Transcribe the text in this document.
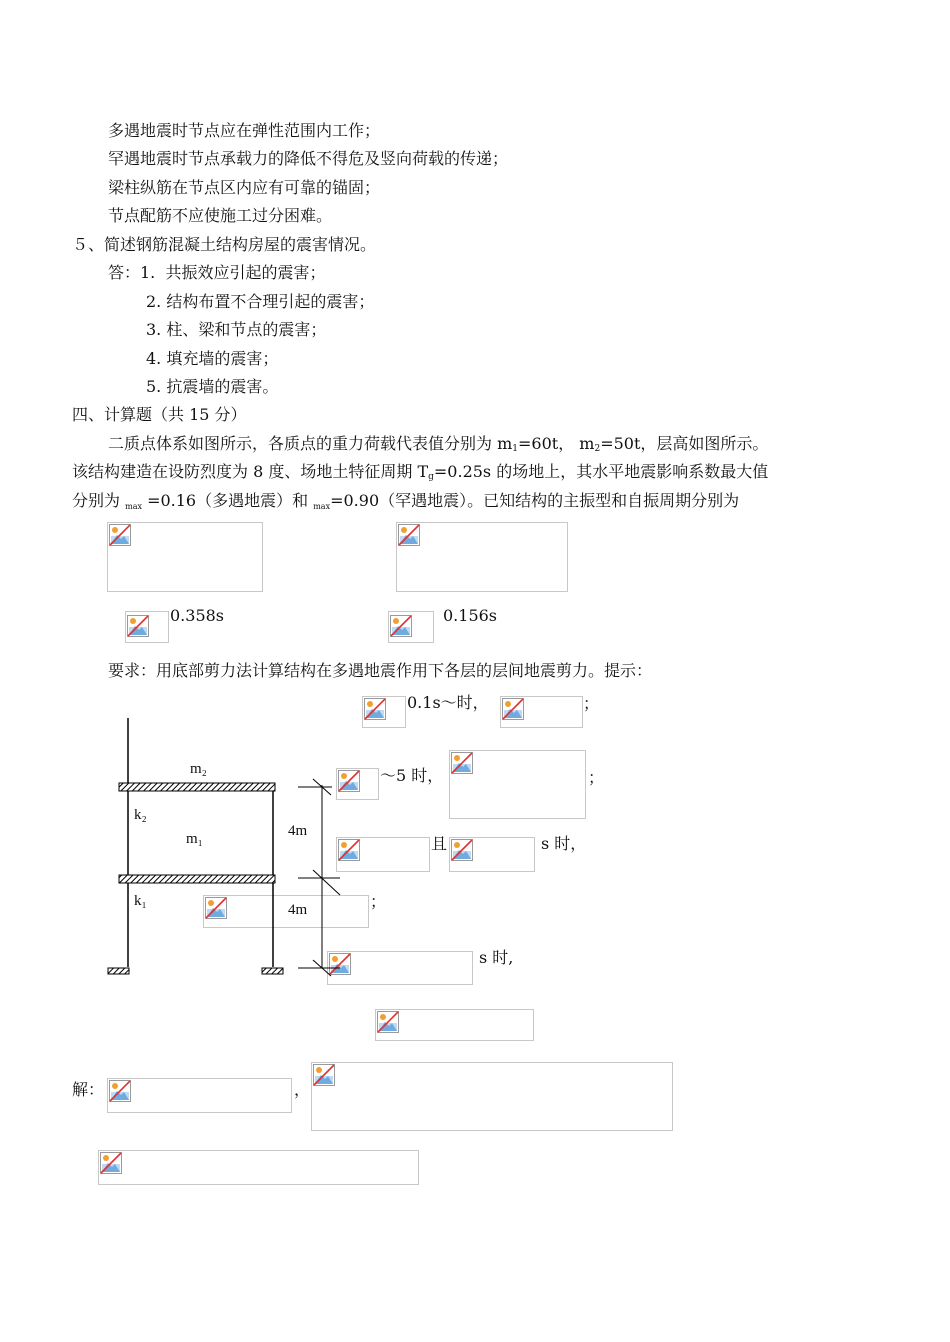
多遇地震时节点应在弹性范围内工作；
罕遇地震时节点承载力的降低不得危及竖向荷载的传递；
梁柱纵筋在节点区内应有可靠的锚固；
节点配筋不应使施工过分困难。
５、简述钢筋混凝土结构房屋的震害情况。
答：1. 共振效应引起的震害；
2. 结构布置不合理引起的震害；
3. 柱、梁和节点的震害；
4. 填充墙的震害；
5. 抗震墙的震害。
四、计算题（共 15 分）
二质点体系如图所示，各质点的重力荷载代表值分别为 $m_1=60t$， $m_2=50t$，层高如图所示。
该结构建造在设防烈度为 8 度、场地土特征周期 $T_g=0.25s$ 的场地上，其水平地震影响系数最大值
分别为 max =0.16（多遇地震）和 max=0.90（罕遇地震）。已知结构的主振型和自振周期分别为
0.358s	0.156s
要求：用底部剪力法计算结构在多遇地震作用下各层的层间地震剪力。提示：
0.1s～时，	；
～5 时，	；
且	s 时，
；
s 时,
解：	，
m₂
m₁
k₂
k₁
4m
4m
